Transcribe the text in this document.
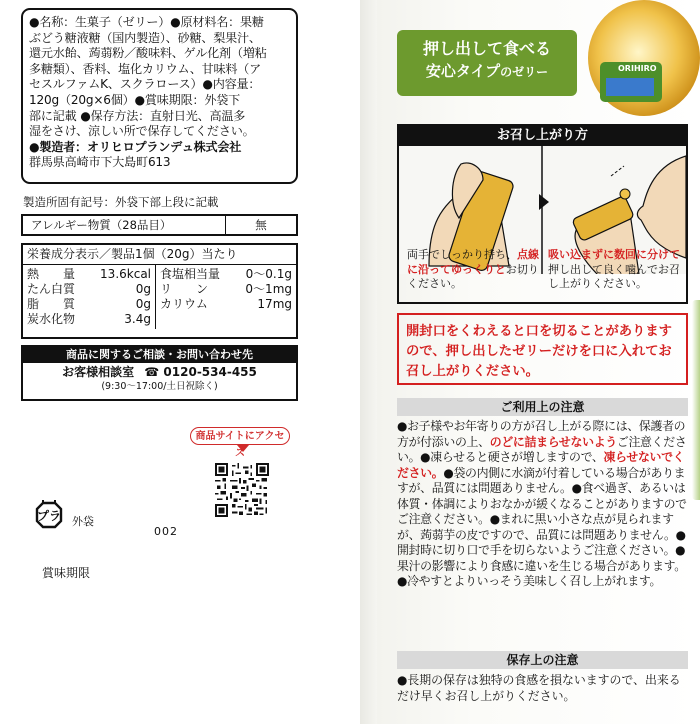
●名称：生菓子（ゼリー）●原材料名：果糖

ぶどう糖液糖（国内製造）、砂糖、梨果汁、

還元水飴、蒟蒻粉／酸味料、ゲル化剤（増粘

多糖類）、香料、塩化カリウム、甘味料（ア

セスルファムK、スクラロース）●内容量：

120g（20g×6個）●賞味期限：外袋下

部に記載 ●保存方法：直射日光、高温多

湿をさけ、涼しい所で保存してください。

●製造者：オリヒロプランデュ株式会社

群馬県高崎市下大島町613

製造所固有記号：外袋下部上段に記載
アレルギー物質（28品目）	無
栄養成分表示／製品1個（20g）当たり
熱　　量 13.6kcal
たん白質	0g
脂　　質	0g
炭水化物	3.4g
食塩相当量 0〜0.1g
リ　　ン	0〜1mg
カリウム	17mg
商品に関するご相談・お問い合わせ先
お客様相談室 ☎ 0120-534-455
(9:30〜17:00/土日祝除く)
商品サイトにアクセス
プラ 外袋
002
賞味期限
押し出して食べる
安心タイプのゼリー	ORIHIRO
お召し上がり方
両手でしっかり持ち、点線に沿ってゆっくりとお切りください。
吸い込まずに数回に分けて押し出して良く噛んでお召し上がりください。
開封口をくわえると口を切ることがありますので、押し出したゼリーだけを口に入れてお召し上がりください。
ご利用上の注意
●お子様やお年寄りの方が召し上がる際には、保護者の方が付添いの上、のどに詰まらせないようご注意ください。●凍らせると硬さが増しますので、凍らせないでください。●袋の内側に水滴が付着している場合がありますが、品質には問題ありません。●食べ過ぎ、あるいは体質・体調によりおなかが緩くなることがありますのでご注意ください。●まれに黒い小さな点が見られますが、蒟蒻芋の皮ですので、品質には問題ありません。●開封時に切り口で手を切らないようご注意ください。●果汁の影響により食感に違いを生じる場合があります。●冷やすとよりいっそう美味しく召し上がれます。
保存上の注意
●長期の保存は独特の食感を損ないますので、出来るだけ早くお召し上がりください。
